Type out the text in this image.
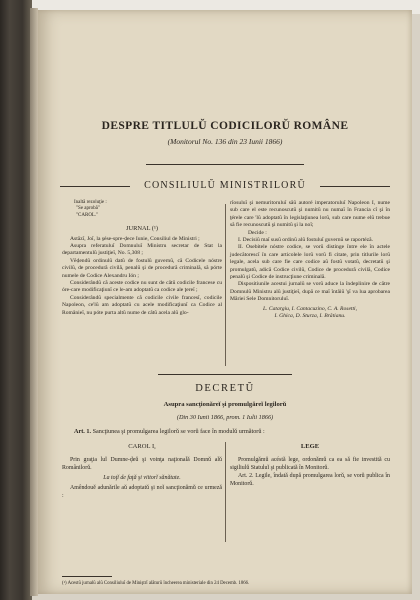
DESPRE TITLULŬ CODICILORŬ ROMÂNE
(Monitorul No. 136 din 23 Iunii 1866)
CONSILIULŬ MINISTRILORŬ

Inaltă rezoluţie :

"Se aprobă"

"CAROL."

JURNAL (¹)

Astăzĭ, Joĭ, la şése-spre-ḑece Iunie, Consiliul de Ministri ;

Asupra referatuluĭ Domnuluĭ Ministru secretar de Stat la departamentulŭ justiţieĭ, No. 5,308 ;

Vĕḑendŭ ordinulŭ datŭ de fostulŭ guvernŭ, că Codicele nóstre civilŭ, de procedură civilă, penalŭ şi de procedură criminală, să pórte numele de Codice Alexandru Ión ;

Considerândŭ că aceste codice nu sunt de câtŭ codicile francese cu óre-care modificaţiunĭ ce le-am adoptatŭ ca codice ale ţereĭ ;

Considerândŭ specialmente că codicile civile francesĭ, codicile Napoleon, ce'lŭ am adoptatŭ cu acele modificaţiunĭ ca Codice al Românieĭ, nu póte purta altŭ nume de câtŭ acela alŭ glo-

rîosuluĭ şi nemuritoruluĭ săŭ autoré imperatoruluĭ Napoleon I, nume sub care el este recunoscutŭ şi numitŭ nu numaĭ în Francia cî şi în ţérele care 'lŭ adoptatŭ în legislaţiunea lorŭ, sub care nume elŭ trebue să fie recunoscutŭ şi numitŭ şi la noĭ;

Decide :

I. Decisiŭ maĭ susŭ ordinŭ alŭ fostuluĭ guvernŭ se raportéză.

II. Osebitele nóstre codice, se vorŭ distinge între ele în actele judecătorescĭ în care articolele lorŭ vorŭ fi citate, prin titlurile lorŭ legale, acela sub care fie care codice aŭ fostŭ votatŭ, decretatŭ şi promulgatŭ, adică Codice civilŭ, Codice de procedură civilă, Codice penalŭ şi Codice de instrucţiune criminală.

Dispositiunile acestui jurnalŭ se vorŭ aduce la îndeplinire de către Domnulŭ Ministru alŭ justiţieĭ, după ce maĭ întâiŭ 'şĭ va lua aprobarea Măriei Sele Domnitoruluĭ.

L. Catargiu, I. Cantacuzino, C. A. Rosetti,

I. Ghica, D. Sturza, I. Brătianu.

DECRETŬ
Asupra sancţionăreĭ şi promulgăreĭ legilorŭ
(Din 30 Iunii 1866, prom. 1 Iulii 1866)
Art. 1. Sancţiunea şi promulgarea legilorŭ se vorŭ face în modulŭ următorŭ :
CAROL I,	LEGE

Prin graţia luĭ Dumne-ḑeŭ şi voinţa naţională Domnŭ alŭ Românilorŭ.

La toţĭ de faţă şi viitorĭ sănătate.

Amêndouĕ adunările aŭ adoptatŭ şi noĭ sancţionămŭ ce urmeză :

Promulgămŭ acéstă lege, ordonămŭ ca ea să fie investită cu sigiliulŭ Statuluĭ şi publicată în Monitorŭ.

Art. 2. Legile, îndată după promulgarea lorŭ, se vorŭ publica în Monitorŭ.

(¹) Acestŭ jurnalŭ alŭ Consiliuluĭ de Miniştrĭ alăturŭ încheerea ministeriale din 24 Decemb. 1866.
